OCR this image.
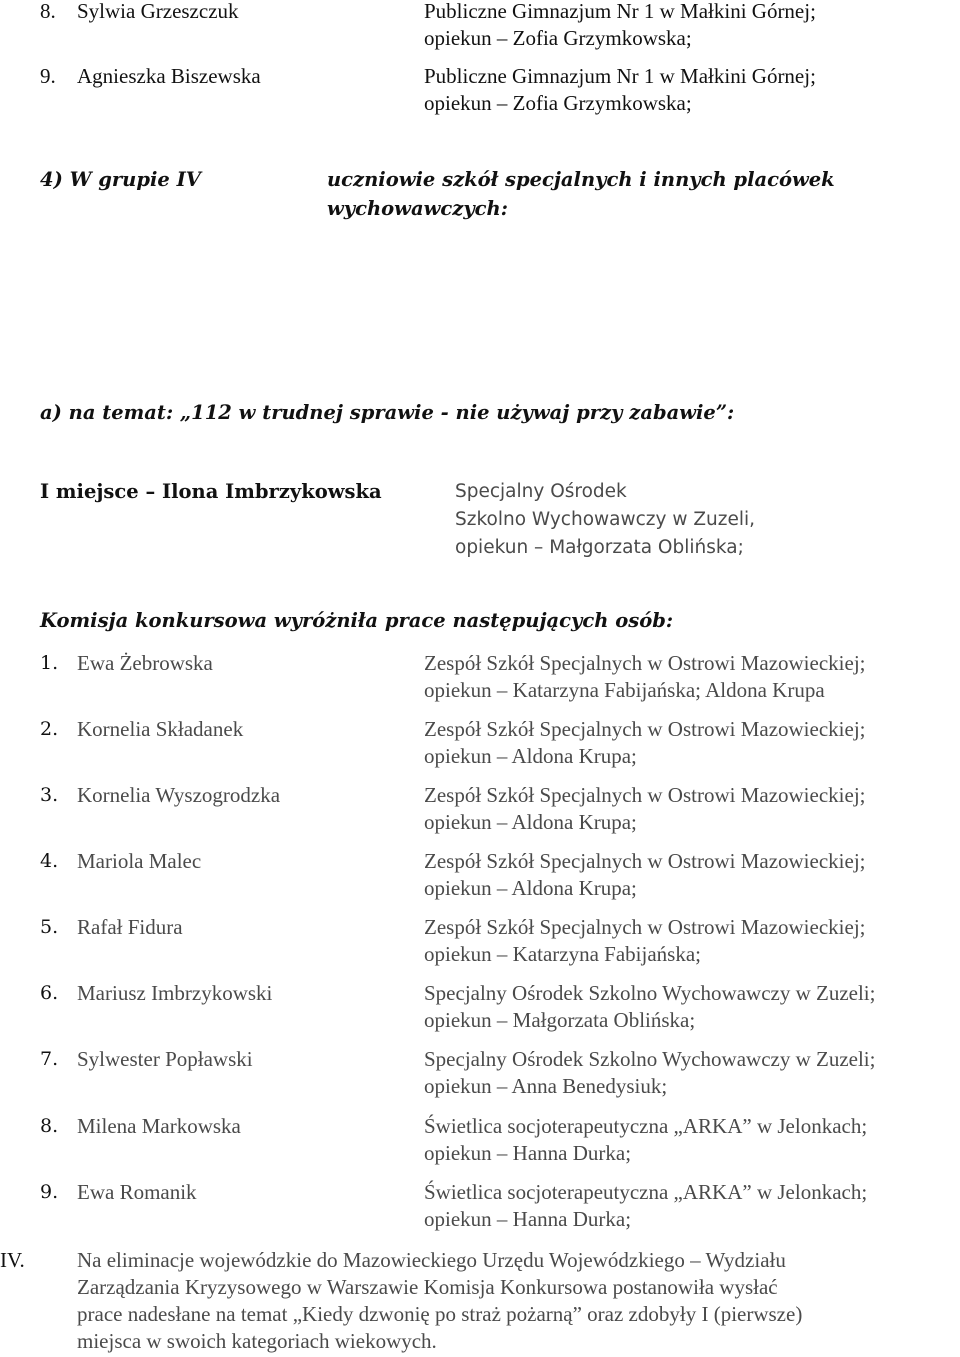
8. Sylwia Grzeszczuk	Publiczne Gimnazjum Nr 1 w Małkini Górnej;
opiekun – Zofia Grzymkowska;
9. Agnieszka Biszewska	Publiczne Gimnazjum Nr 1 w Małkini Górnej;
opiekun – Zofia Grzymkowska;
4) W grupie IV	uczniowie szkół specjalnych i innych placówek
wychowawczych:
a) na temat: „112 w trudnej sprawie - nie używaj przy zabawie”:
I miejsce – Ilona Imbrzykowska	Specjalny Ośrodek
Szkolno Wychowawczy w Zuzeli,
opiekun – Małgorzata Oblińska;
Komisja konkursowa wyróżniła prace następujących osób:
1. Ewa Żebrowska	Zespół Szkół Specjalnych w Ostrowi Mazowieckiej;
opiekun – Katarzyna Fabijańska; Aldona Krupa
2. Kornelia Składanek	Zespół Szkół Specjalnych w Ostrowi Mazowieckiej;
opiekun – Aldona Krupa;
3. Kornelia Wyszogrodzka	Zespół Szkół Specjalnych w Ostrowi Mazowieckiej;
opiekun – Aldona Krupa;
4. Mariola Malec	Zespół Szkół Specjalnych w Ostrowi Mazowieckiej;
opiekun – Aldona Krupa;
5. Rafał Fidura	Zespół Szkół Specjalnych w Ostrowi Mazowieckiej;
opiekun – Katarzyna Fabijańska;
6. Mariusz Imbrzykowski	Specjalny Ośrodek Szkolno Wychowawczy w Zuzeli;
opiekun – Małgorzata Oblińska;
7. Sylwester Popławski	Specjalny Ośrodek Szkolno Wychowawczy w Zuzeli;
opiekun – Anna Benedysiuk;
8. Milena Markowska	Świetlica socjoterapeutyczna „ARKA” w Jelonkach;
opiekun – Hanna Durka;
9. Ewa Romanik	Świetlica socjoterapeutyczna „ARKA” w Jelonkach;
opiekun – Hanna Durka;
IV. Na eliminacje wojewódzkie do Mazowieckiego Urzędu Wojewódzkiego – Wydziału
Zarządzania Kryzysowego w Warszawie Komisja Konkursowa postanowiła wysłać
prace nadesłane na temat „Kiedy dzwonię po straż pożarną” oraz zdobyły I (pierwsze)
miejsca w swoich kategoriach wiekowych.
